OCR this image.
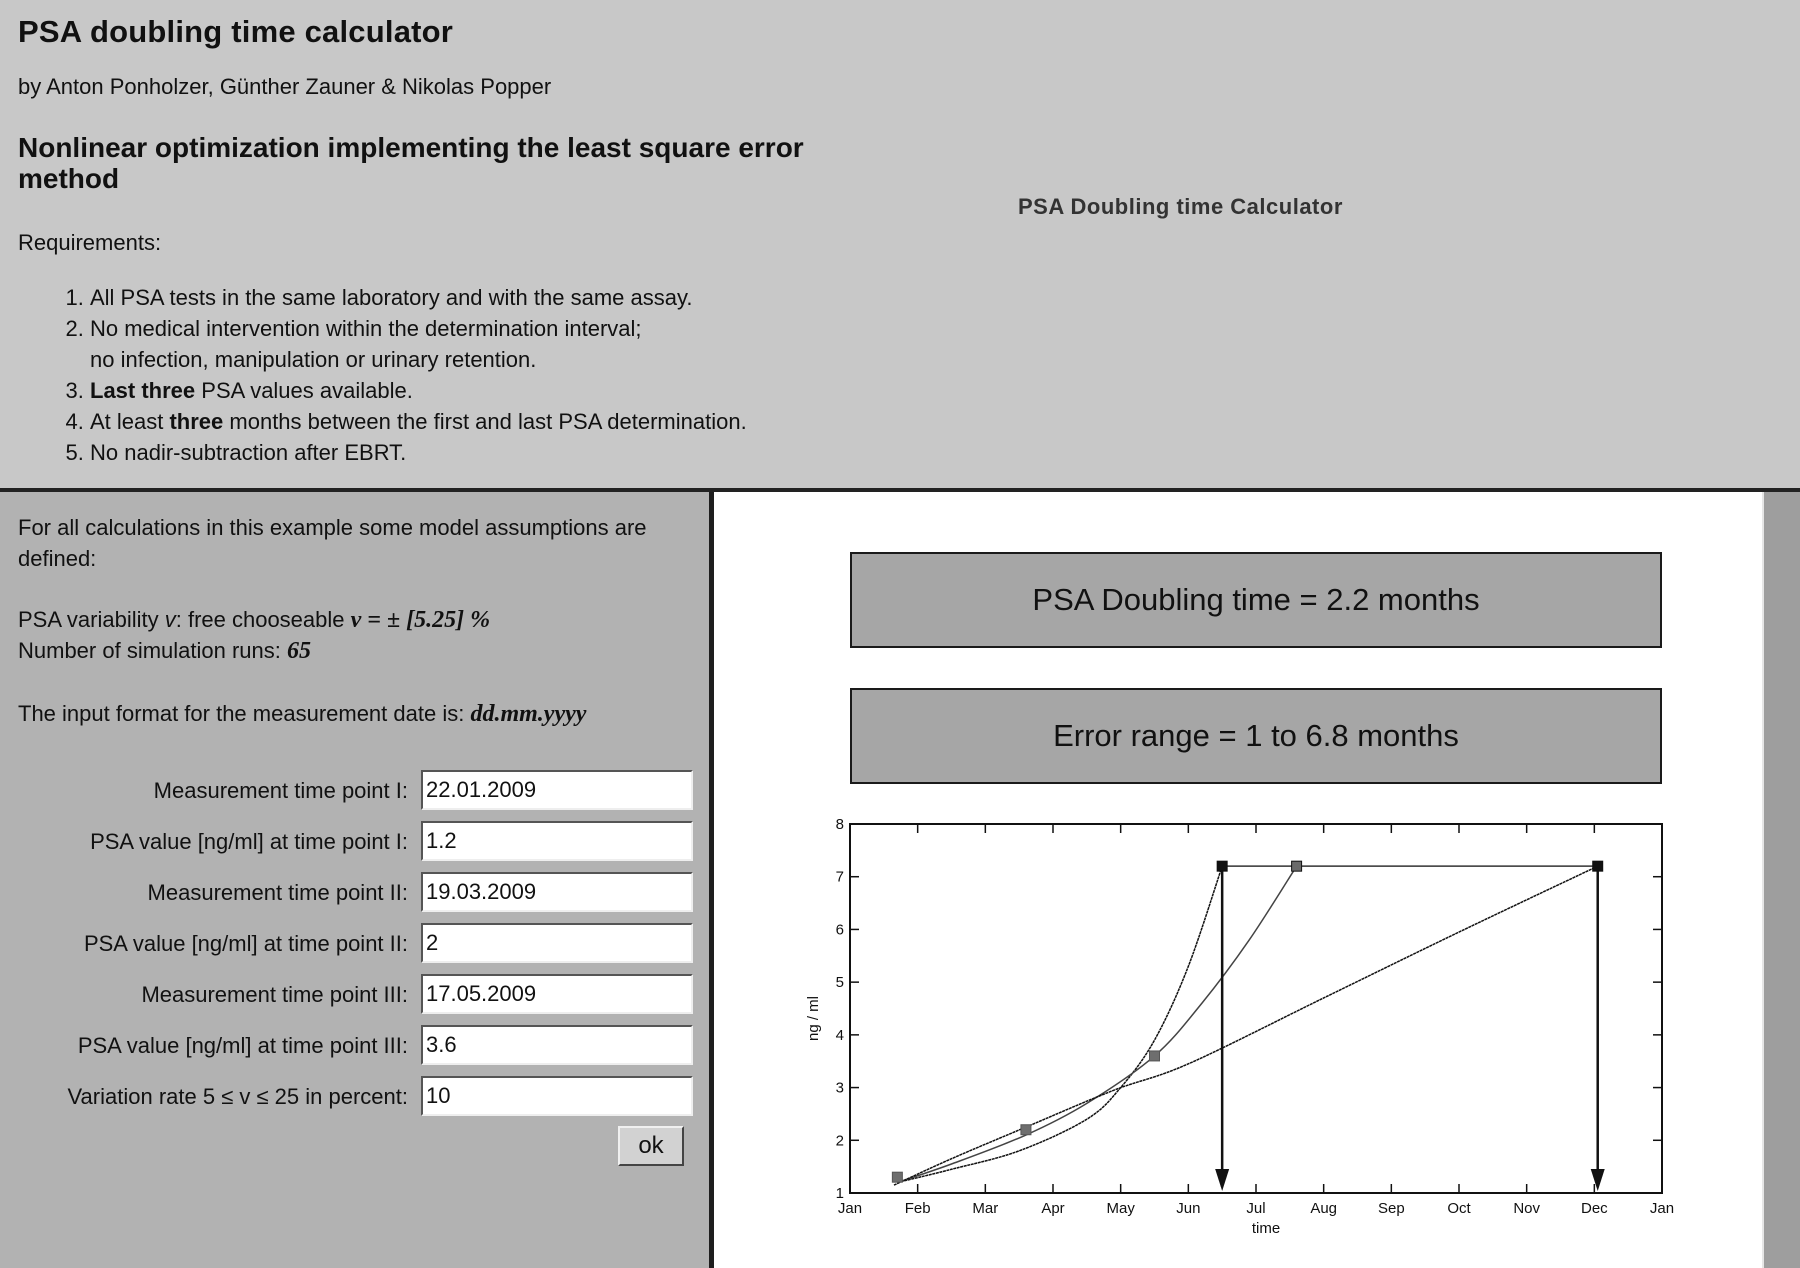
PSA doubling time calculator
by Anton Ponholzer, Günther Zauner & Nikolas Popper
Nonlinear optimization implementing the least square error method
PSA Doubling time Calculator
Requirements:
1. All PSA tests in the same laboratory and with the same assay.
2. No medical intervention within the determination interval;
no infection, manipulation or urinary retention.
3. Last three PSA values available.
4. At least three months between the first and last PSA determination.
5. No nadir-subtraction after EBRT.
For all calculations in this example some model assumptions are defined:
PSA variability v: free chooseable v = ± [5.25] %
Number of simulation runs: 65
The input format for the measurement date is: dd.mm.yyyy
Measurement time point I:
22.01.2009
PSA value [ng/ml] at time point I:
1.2
Measurement time point II:
19.03.2009
PSA value [ng/ml] at time point II:
2
Measurement time point III:
17.05.2009
PSA value [ng/ml] at time point III:
3.6
Variation rate 5 ≤ v ≤ 25 in percent:
10
ok
PSA Doubling time = 2.2 months
Error range = 1 to 6.8 months
Jan	Feb	Mar	Apr	May	Jun	Jul	Aug	Sep	Oct	Nov	Dec	Jan
1
2
3
4
5
6
7
8
time
ng / ml
